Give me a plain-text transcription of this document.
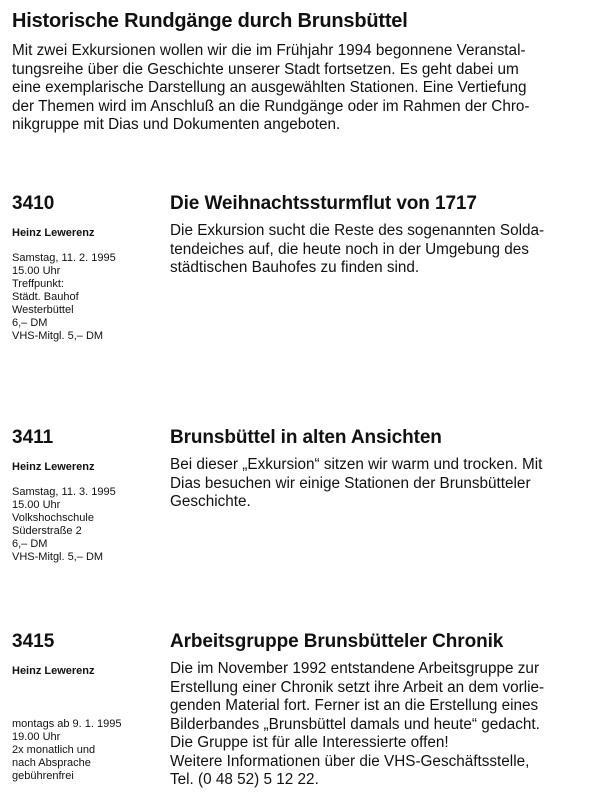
Historische Rundgänge durch Brunsbüttel
Mit zwei Exkursionen wollen wir die im Frühjahr 1994 begonnene Veranstal-
tungsreihe über die Geschichte unserer Stadt fortsetzen. Es geht dabei um
eine exemplarische Darstellung an ausgewählten Stationen. Eine Vertiefung
der Themen wird im Anschluß an die Rundgänge oder im Rahmen der Chro-
nikgruppe mit Dias und Dokumenten angeboten.
3410
Heinz Lewerenz
Samstag, 11. 2. 1995
15.00 Uhr
Treffpunkt:
Städt. Bauhof
Westerbüttel
6,– DM
VHS-Mitgl. 5,– DM
Die Weihnachtssturmflut von 1717
Die Exkursion sucht die Reste des sogenannten Solda-
tendeiches auf, die heute noch in der Umgebung des
städtischen Bauhofes zu finden sind.
3411
Heinz Lewerenz
Samstag, 11. 3. 1995
15.00 Uhr
Volkshochschule
Süderstraße 2
6,– DM
VHS-Mitgl. 5,– DM
Brunsbüttel in alten Ansichten
Bei dieser „Exkursion“ sitzen wir warm und trocken. Mit
Dias besuchen wir einige Stationen der Brunsbütteler
Geschichte.
3415
Heinz Lewerenz
montags ab 9. 1. 1995
19.00 Uhr
2x monatlich und
nach Absprache
gebührenfrei
Arbeitsgruppe Brunsbütteler Chronik
Die im November 1992 entstandene Arbeitsgruppe zur
Erstellung einer Chronik setzt ihre Arbeit an dem vorlie-
genden Material fort. Ferner ist an die Erstellung eines
Bilderbandes „Brunsbüttel damals und heute“ gedacht.
Die Gruppe ist für alle Interessierte offen!
Weitere Informationen über die VHS-Geschäftsstelle,
Tel. (0 48 52) 5 12 22.
